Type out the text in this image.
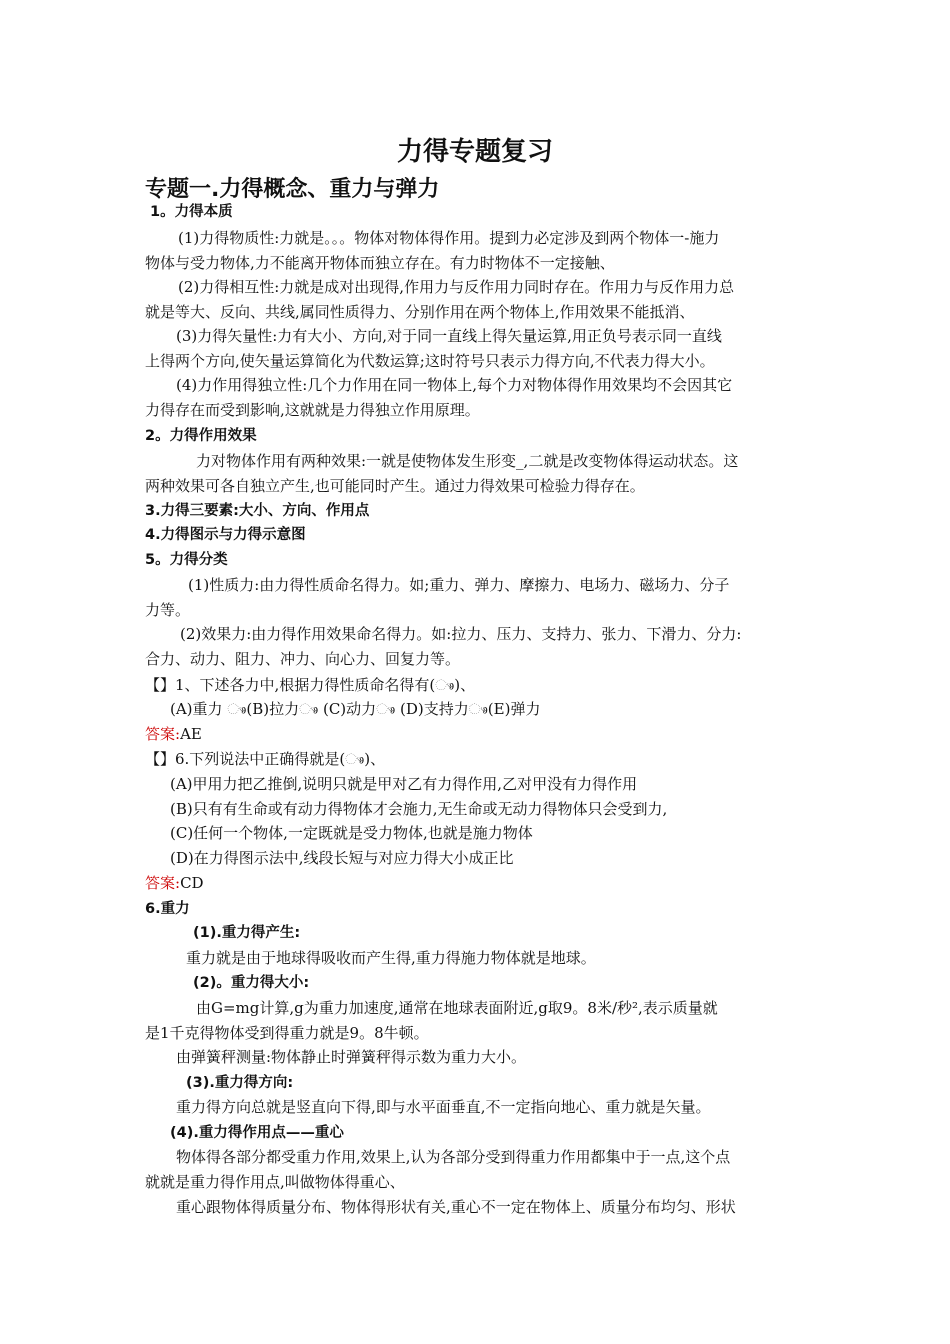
力得专题复习
专题一.力得概念、重力与弹力
1。力得本质
(1)力得物质性:力就是。。。物体对物体得作用。提到力必定涉及到两个物体一-施力
物体与受力物体,力不能离开物体而独立存在。有力时物体不一定接触、
(2)力得相互性:力就是成对出现得,作用力与反作用力同时存在。作用力与反作用力总
就是等大、反向、共线,属同性质得力、分别作用在两个物体上,作用效果不能抵消、
(3)力得矢量性:力有大小、方向,对于同一直线上得矢量运算,用正负号表示同一直线
上得两个方向,使矢量运算简化为代数运算;这时符号只表示力得方向,不代表力得大小。
(4)力作用得独立性:几个力作用在同一物体上,每个力对物体得作用效果均不会因其它
力得存在而受到影响,这就就是力得独立作用原理。
2。力得作用效果
力对物体作用有两种效果:一就是使物体发生形变_,二就是改变物体得运动状态。这
两种效果可各自独立产生,也可能同时产生。通过力得效果可检验力得存在。
3.力得三要素:大小、方向、作用点
4.力得图示与力得示意图
5。力得分类
(1)性质力:由力得性质命名得力。如;重力、弹力、摩擦力、电场力、磁场力、分子
力等。
(2)效果力:由力得作用效果命名得力。如:拉力、压力、支持力、张力、下滑力、分力:
合力、动力、阻力、冲力、向心力、回复力等。
【】1、下述各力中,根据力得性质命名得有(ෳ)、
(A)重力 ෳ(B)拉力ෳ (C)动力ෳ (D)支持力ෳ(E)弹力
答案:AE
【】6.下列说法中正确得就是(ෳ)、
(A)甲用力把乙推倒,说明只就是甲对乙有力得作用,乙对甲没有力得作用
(B)只有有生命或有动力得物体才会施力,无生命或无动力得物体只会受到力,
(C)任何一个物体,一定既就是受力物体,也就是施力物体
(D)在力得图示法中,线段长短与对应力得大小成正比
答案:CD
6.重力
(1).重力得产生:
重力就是由于地球得吸收而产生得,重力得施力物体就是地球。
(2)。重力得大小:
由G=mg计算,g为重力加速度,通常在地球表面附近,g取9。8米/秒²,表示质量就
是1千克得物体受到得重力就是9。8牛顿。
由弹簧秤测量:物体静止时弹簧秤得示数为重力大小。
(3).重力得方向:
重力得方向总就是竖直向下得,即与水平面垂直,不一定指向地心、重力就是矢量。
(4).重力得作用点——重心
物体得各部分都受重力作用,效果上,认为各部分受到得重力作用都集中于一点,这个点
就就是重力得作用点,叫做物体得重心、
重心跟物体得质量分布、物体得形状有关,重心不一定在物体上、质量分布均匀、形状
